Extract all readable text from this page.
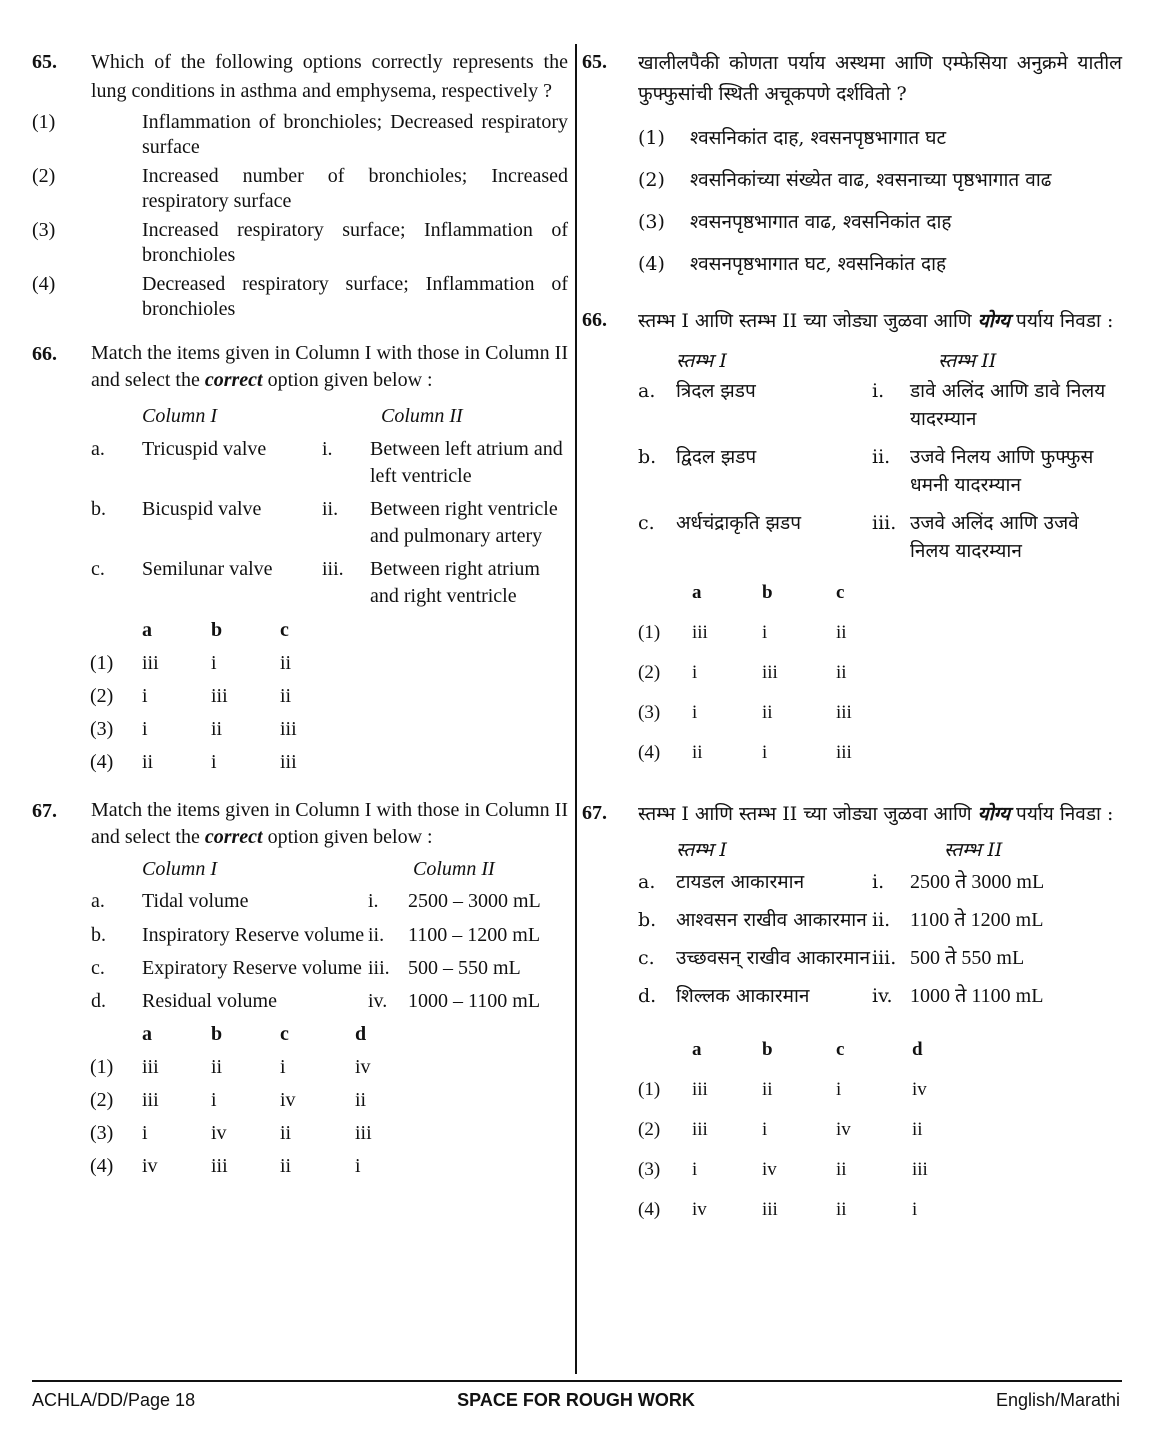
65. Which of the following options correctly represents the lung conditions in asthma and emphysema, respectively ?
(1)	Inflammation of bronchioles; Decreased respiratory surface
(2)	Increased number of bronchioles; Increased respiratory surface
(3)	Increased respiratory surface; Inflammation of bronchioles
(4)	Decreased respiratory surface; Inflammation of bronchioles
66. Match the items given in Column I with those in Column II and select the correct option given below :
Column I	Column II
a.	Tricuspid valve	i.	Between left atrium and left ventricle
b.	Bicuspid valve	ii.	Between right ventricle and pulmonary artery
c.	Semilunar valve	iii.	Between right atrium and right ventricle
a	b	c
(1)	iii	i	ii
(2)	i	iii	ii
(3)	i	ii	iii
(4)	ii	i	iii
67. Match the items given in Column I with those in Column II and select the correct option given below :
Column I	Column II
a.	Tidal volume	i.	2500 – 3000 mL
b.	Inspiratory Reserve volume ii.	1100 – 1200 mL
c.	Expiratory Reserve volume iii. 500 – 550 mL
d.	Residual volume	iv.	1000 – 1100 mL
a	b	c	d
(1)	iii	ii	i	iv
(2)	iii	i	iv	ii
(3)	i	iv	ii	iii
(4)	iv	iii	ii	i
65. खालीलपैकी कोणता पर्याय अस्थमा आणि एम्फेसिया अनुक्रमे यातील फुफ्फुसांची स्थिती अचूकपणे दर्शवितो ?
(1) श्वसनिकांत दाह, श्वसनपृष्ठभागात घट
(2) श्वसनिकांच्या संख्येत वाढ, श्वसनाच्या पृष्ठभागात वाढ
(3) श्वसनपृष्ठभागात वाढ, श्वसनिकांत दाह
(4) श्वसनपृष्ठभागात घट, श्वसनिकांत दाह
66. स्तम्भ I आणि स्तम्भ II च्या जोड्या जुळवा आणि योग्य पर्याय निवडा :
स्तम्भ I	स्तम्भ II
a.	त्रिदल झडप	i.	डावे अलिंद आणि डावे निलय यादरम्यान
b.	द्विदल झडप	ii.	उजवे निलय आणि फुफ्फुस धमनी यादरम्यान
c.	अर्धचंद्राकृति झडप	iii. उजवे अलिंद आणि उजवे निलय यादरम्यान
a	b	c
(1)	iii	i	ii
(2)	i	iii	ii
(3)	i	ii	iii
(4)	ii	i	iii
67. स्तम्भ I आणि स्तम्भ II च्या जोड्या जुळवा आणि योग्य पर्याय निवडा :
स्तम्भ I	स्तम्भ II
a.	टायडल आकारमान	i.	2500 ते 3000 mL
b.	आश्वसन राखीव आकारमान ii. 1100 ते 1200 mL
c.	उच्छवसन् राखीव आकारमान iii. 500 ते 550 mL
d.	शिल्लक आकारमान	iv. 1000 ते 1100 mL
a	b	c	d
(1)	iii	ii	i	iv
(2)	iii	i	iv	ii
(3)	i	iv	ii	iii
(4)	iv	iii	ii	i
ACHLA/DD/Page 18	SPACE FOR ROUGH WORK	English/Marathi
